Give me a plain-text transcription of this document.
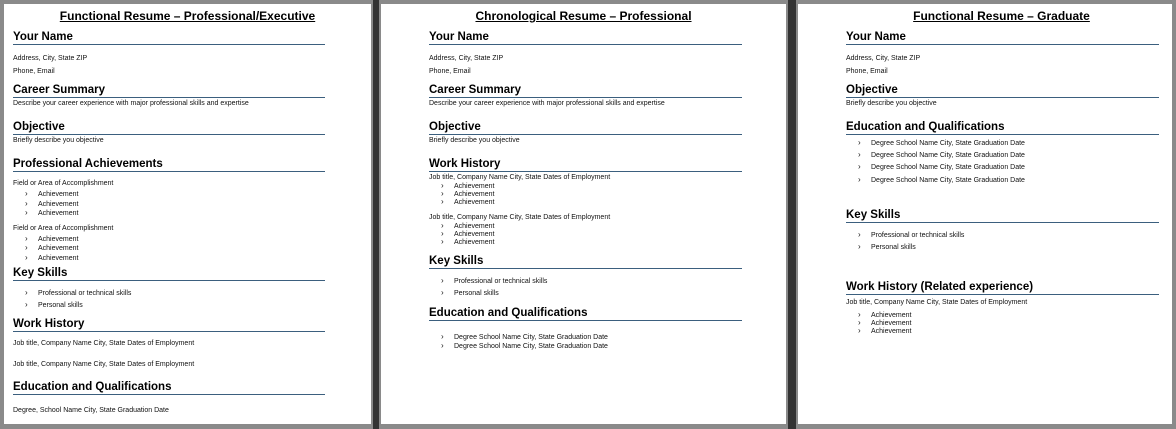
Functional Resume – Professional/Executive
Your Name
Address, City, State ZIP
Phone, Email
Career Summary
Describe your career experience with major professional skills and expertise
Objective
Briefly describe you objective
Professional Achievements
Field or Area of Accomplishment
› Achievement
› Achievement
› Achievement
Field or Area of Accomplishment
› Achievement
› Achievement
› Achievement
Key Skills
› Professional or technical skills
› Personal skills
Work History
Job title, Company Name City, State Dates of Employment
Job title, Company Name City, State Dates of Employment
Education and Qualifications
Degree, School Name City, State Graduation Date
Chronological Resume – Professional
Your Name
Address, City, State ZIP
Phone, Email
Career Summary
Describe your career experience with major professional skills and expertise
Objective
Briefly describe you objective
Work History
Job title, Company Name City, State Dates of Employment
› Achievement
› Achievement
› Achievement
Job title, Company Name City, State Dates of Employment
› Achievement
› Achievement
› Achievement
Key Skills
› Professional or technical skills
› Personal skills
Education and Qualifications
› Degree School Name City, State Graduation Date
› Degree School Name City, State Graduation Date
Functional Resume – Graduate
Your Name
Address, City, State ZIP
Phone, Email
Objective
Briefly describe you objective
Education and Qualifications
› Degree School Name City, State Graduation Date
› Degree School Name City, State Graduation Date
› Degree School Name City, State Graduation Date
› Degree School Name City, State Graduation Date
Key Skills
› Professional or technical skills
› Personal skills
Work History (Related experience)
Job title, Company Name City, State Dates of Employment
› Achievement
› Achievement
› Achievement
